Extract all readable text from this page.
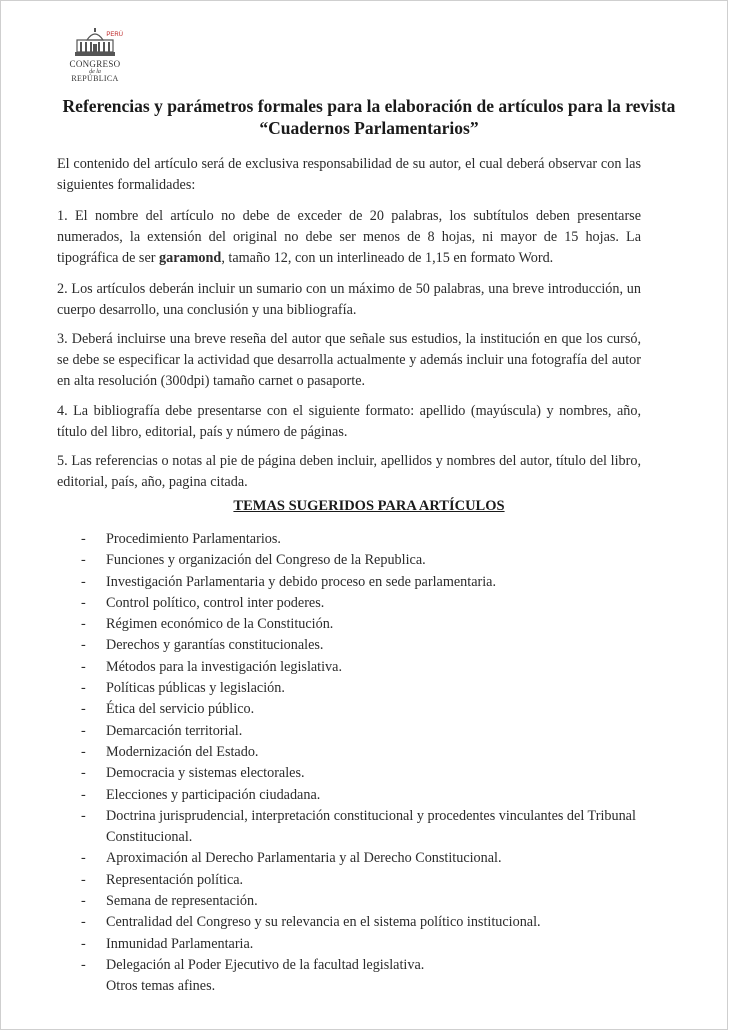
PERÚ
CONGRESO
de la
REPÚBLICA
Referencias y parámetros formales para la elaboración de artículos para la revista “Cuadernos Parlamentarios”
El contenido del artículo será de exclusiva responsabilidad de su autor, el cual deberá observar con las siguientes formalidades:
1. El nombre del artículo no debe de exceder de 20 palabras, los subtítulos deben presentarse numerados, la extensión del original no debe ser menos de 8 hojas, ni mayor de 15 hojas. La tipográfica de ser garamond, tamaño 12, con un interlineado de 1,15 en formato Word.
2. Los artículos deberán incluir un sumario con un máximo de 50 palabras, una breve introducción, un cuerpo desarrollo, una conclusión y una bibliografía.
3. Deberá incluirse una breve reseña del autor que señale sus estudios, la institución en que los cursó, se debe se especificar la actividad que desarrolla actualmente y además incluir una fotografía del autor en alta resolución (300dpi) tamaño carnet o pasaporte.
4. La bibliografía debe presentarse con el siguiente formato: apellido (mayúscula) y nombres, año, título del libro, editorial, país y número de páginas.
5. Las referencias o notas al pie de página deben incluir, apellidos y nombres del autor, título del libro, editorial, país, año, pagina citada.
TEMAS SUGERIDOS PARA ARTÍCULOS
- Procedimiento Parlamentarios.
- Funciones y organización del Congreso de la Republica.
- Investigación Parlamentaria y debido proceso en sede parlamentaria.
- Control político, control inter poderes.
- Régimen económico de la Constitución.
- Derechos y garantías constitucionales.
- Métodos para la investigación legislativa.
- Políticas públicas y legislación.
- Ética del servicio público.
- Demarcación territorial.
- Modernización del Estado.
- Democracia y sistemas electorales.
- Elecciones y participación ciudadana.
- Doctrina jurisprudencial, interpretación constitucional y procedentes vinculantes del Tribunal Constitucional.
- Aproximación al Derecho Parlamentaria y al Derecho Constitucional.
- Representación política.
- Semana de representación.
- Centralidad del Congreso y su relevancia en el sistema político institucional.
- Inmunidad Parlamentaria.
- Delegación al Poder Ejecutivo de la facultad legislativa.
Otros temas afines.
